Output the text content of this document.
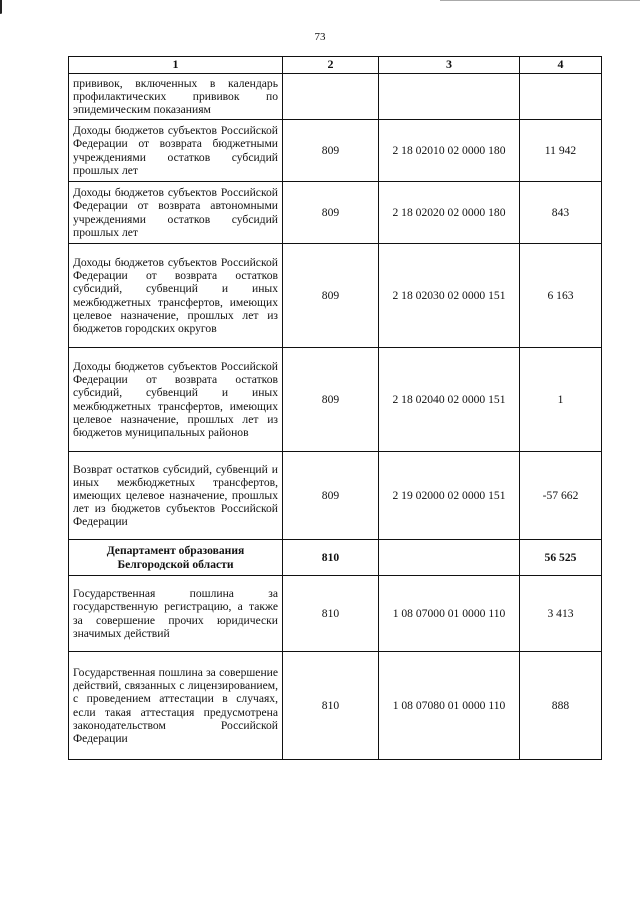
73
1	2	3	4
прививок, включенных в календарь профилактических прививок по эпидемическим показаниям			
Доходы бюджетов субъектов Российской Федерации от возврата бюджетными учреждениями остатков субсидий прошлых лет	809	2 18 02010 02 0000 180	11 942
Доходы бюджетов субъектов Российской Федерации от возврата автономными учреждениями остатков субсидий прошлых лет	809	2 18 02020 02 0000 180	843
Доходы бюджетов субъектов Российской Федерации от возврата остатков субсидий, субвенций и иных межбюджетных трансфертов, имеющих целевое назначение, прошлых лет из бюджетов городских округов	809	2 18 02030 02 0000 151	6 163
Доходы бюджетов субъектов Российской Федерации от возврата остатков субсидий, субвенций и иных межбюджетных трансфертов, имеющих целевое назначение, прошлых лет из бюджетов муниципальных районов	809	2 18 02040 02 0000 151	1
Возврат остатков субсидий, субвенций и иных межбюджетных трансфертов, имеющих целевое назначение, прошлых лет из бюджетов субъектов Российской Федерации	809	2 19 02000 02 0000 151	-57 662
Департамент образования Белгородской области	810		56 525
Государственная пошлина за государственную регистрацию, а также за совершение прочих юридически значимых действий	810	1 08 07000 01 0000 110	3 413
Государственная пошлина за совершение действий, связанных с лицензированием, с проведением аттестации в случаях, если такая аттестация предусмотрена законодательством Российской Федерации	810	1 08 07080 01 0000 110	888
